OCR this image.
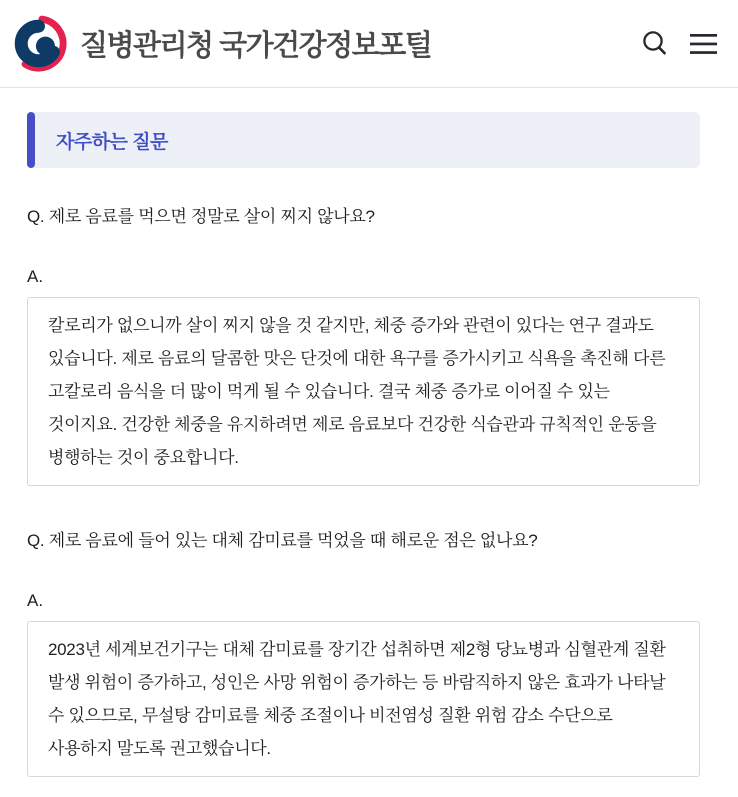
질병관리청 국가건강정보포털
자주하는 질문

Q. 제로 음료를 먹으면 정말로 살이 찌지 않나요?

A.

칼로리가 없으니까 살이 찌지 않을 것 같지만, 체중 증가와 관련이 있다는 연구 결과도 있습니다. 제로 음료의 달콤한 맛은 단것에 대한 욕구를 증가시키고 식욕을 촉진해 다른 고칼로리 음식을 더 많이 먹게 될 수 있습니다. 결국 체중 증가로 이어질 수 있는 것이지요. 건강한 체중을 유지하려면 제로 음료보다 건강한 식습관과 규칙적인 운동을 병행하는 것이 중요합니다.

Q. 제로 음료에 들어 있는 대체 감미료를 먹었을 때 해로운 점은 없나요?

A.

2023년 세계보건기구는 대체 감미료를 장기간 섭취하면 제2형 당뇨병과 심혈관계 질환 발생 위험이 증가하고, 성인은 사망 위험이 증가하는 등 바람직하지 않은 효과가 나타날 수 있으므로, 무설탕 감미료를 체중 조절이나 비전염성 질환 위험 감소 수단으로 사용하지 말도록 권고했습니다.
